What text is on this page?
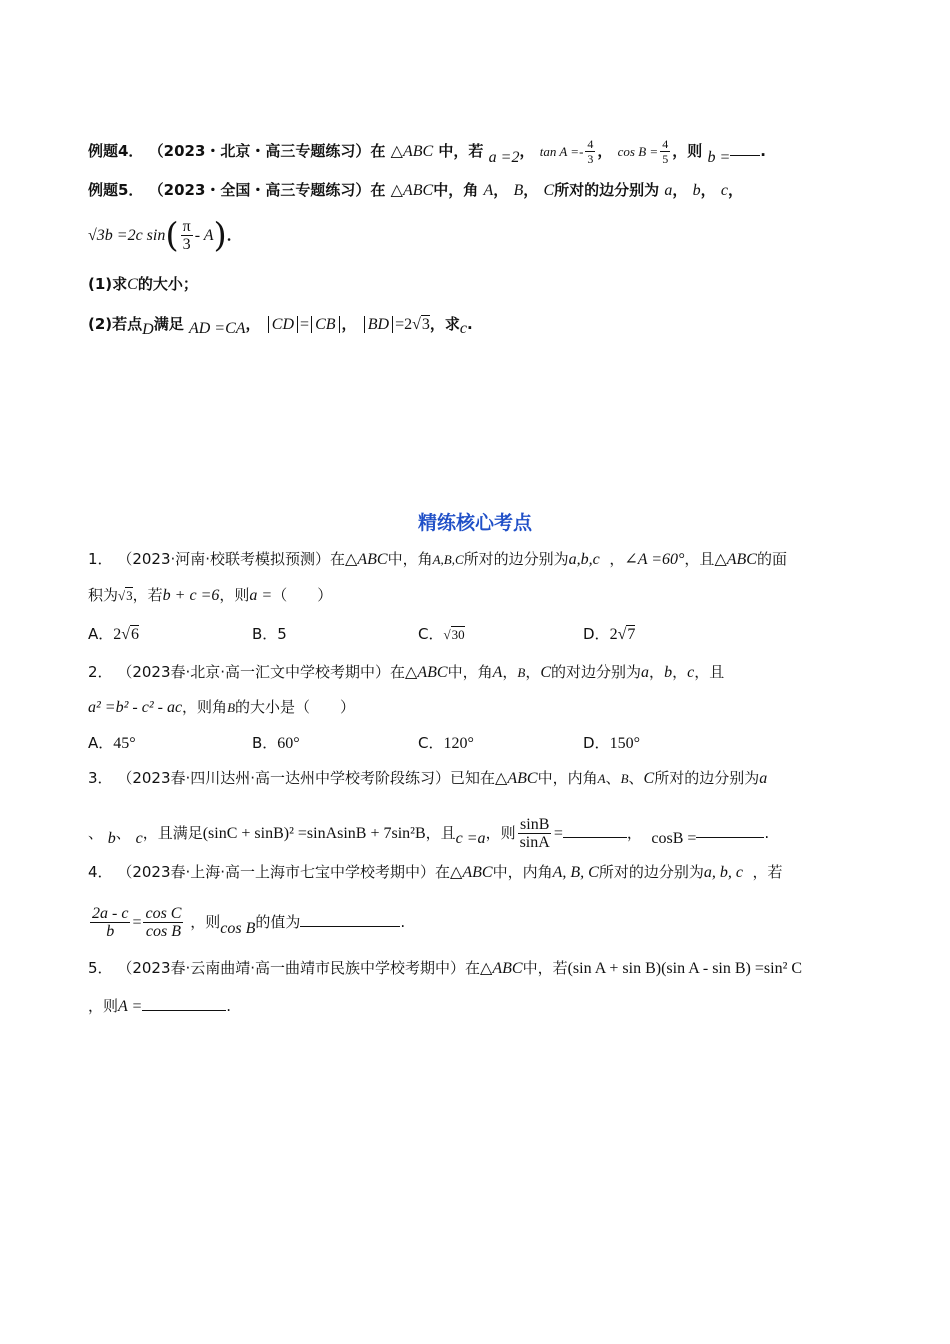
例题4． （2023・北京・高三专题练习）在 △ABC 中，若 a =2， $\tan A =- \frac{4}{3}$ ， $\cos B = \frac{4}{5}$ ，则 b = .
例题5． （2023・全国・高三专题练习）在 △ABC中，角 A， B， C所对的边分别为 a， b， c，
√3b =2c $\sin( \frac{\pi}{3} - A)$．
(1)求C的大小；
(2)若点D满足 AD =CA， CD = CB ， BD =2√3，求c.
精练核心考点
1． （2023·河南·校联考模拟预测）在△ABC中，角A,B,C所对的边分别为a,b,c  ，∠A =60°，且△ABC的面
积为√3，若b + c =6，则a =（　　）
A．2√6	B．5	C．√30	D．2√7
2． （2023春·北京·高一汇文中学校考期中）在△ABC中，角A，B，C的对边分别为a，b，c，且
a² =b² - c² - ac，则角B的大小是（　　）
A．45°	B．60°	C．120°	D．150°
3． （2023春·四川达州·高一达州中学校考阶段练习）已知在△ABC中，内角A、B、C所对的边分别为a
、 b、 c，且满足(sinC + sinB)² =sinAsinB + 7sin²B，且c =a，则 $\frac{\sin B}{\sin A}$ =	，  cosB =	.
4． （2023春·上海·高一上海市七宝中学校考期中）在△ABC中，内角A, B, C所对的边分别为a, b, c ，若
$\frac{2a - c}{b} = \frac{\text{cos C}}{\text{cos B}}$ ，则cos B的值为	.
5． （2023春·云南曲靖·高一曲靖市民族中学校考期中）在△ABC中，若(sin A + sin B)(sin A - sin B) =sin² C
，则A =	.
